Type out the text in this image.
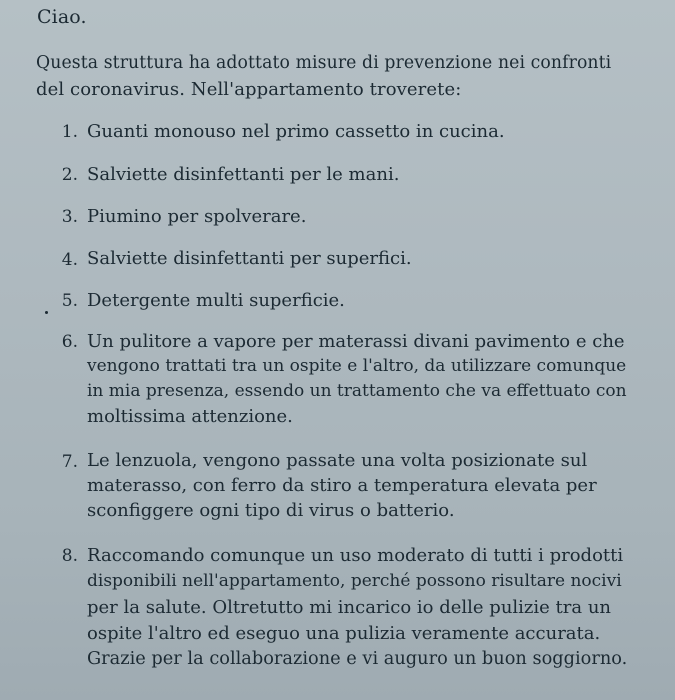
Ciao.
Questa struttura ha adottato misure di prevenzione nei confronti
del coronavirus. Nell'appartamento troverete:
1. Guanti monouso nel primo cassetto in cucina.
2. Salviette disinfettanti per le mani.
3. Piumino per spolverare.
4. Salviette disinfettanti per superfici.
5. Detergente multi superficie.
6. Un pulitore a vapore per materassi divani pavimento e che
vengono trattati tra un ospite e l'altro, da utilizzare comunque
in mia presenza, essendo un trattamento che va effettuato con
moltissima attenzione.
7. Le lenzuola, vengono passate una volta posizionate sul
materasso, con ferro da stiro a temperatura elevata per
sconfiggere ogni tipo di virus o batterio.
8. Raccomando comunque un uso moderato di tutti i prodotti
disponibili nell'appartamento, perché possono risultare nocivi
per la salute. Oltretutto mi incarico io delle pulizie tra un
ospite l'altro ed eseguo una pulizia veramente accurata.
Grazie per la collaborazione e vi auguro un buon soggiorno.
